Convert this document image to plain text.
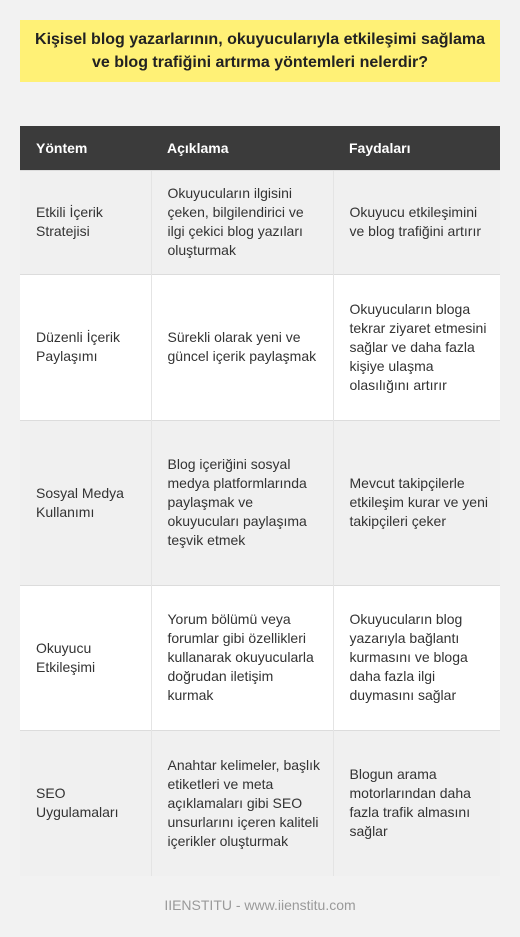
Kişisel blog yazarlarının, okuyucularıyla etkileşimi sağlama ve blog trafiğini artırma yöntemleri nelerdir?
Yöntem	Açıklama	Faydaları
Etkili İçerik Stratejisi	Okuyucuların ilgisini çeken, bilgilendirici ve ilgi çekici blog yazıları oluşturmak	Okuyucu etkileşimini ve blog trafiğini artırır
Düzenli İçerik Paylaşımı	Sürekli olarak yeni ve güncel içerik paylaşmak	Okuyucuların bloga tekrar ziyaret etmesini sağlar ve daha fazla kişiye ulaşma olasılığını artırır
Sosyal Medya Kullanımı	Blog içeriğini sosyal medya platformlarında paylaşmak ve okuyucuları paylaşıma teşvik etmek	Mevcut takipçilerle etkileşim kurar ve yeni takipçileri çeker
Okuyucu Etkileşimi	Yorum bölümü veya forumlar gibi özellikleri kullanarak okuyucularla doğrudan iletişim kurmak	Okuyucuların blog yazarıyla bağlantı kurmasını ve bloga daha fazla ilgi duymasını sağlar
SEO Uygulamaları	Anahtar kelimeler, başlık etiketleri ve meta açıklamaları gibi SEO unsurlarını içeren kaliteli içerikler oluşturmak	Blogun arama motorlarından daha fazla trafik almasını sağlar
IIENSTITU - www.iienstitu.com
